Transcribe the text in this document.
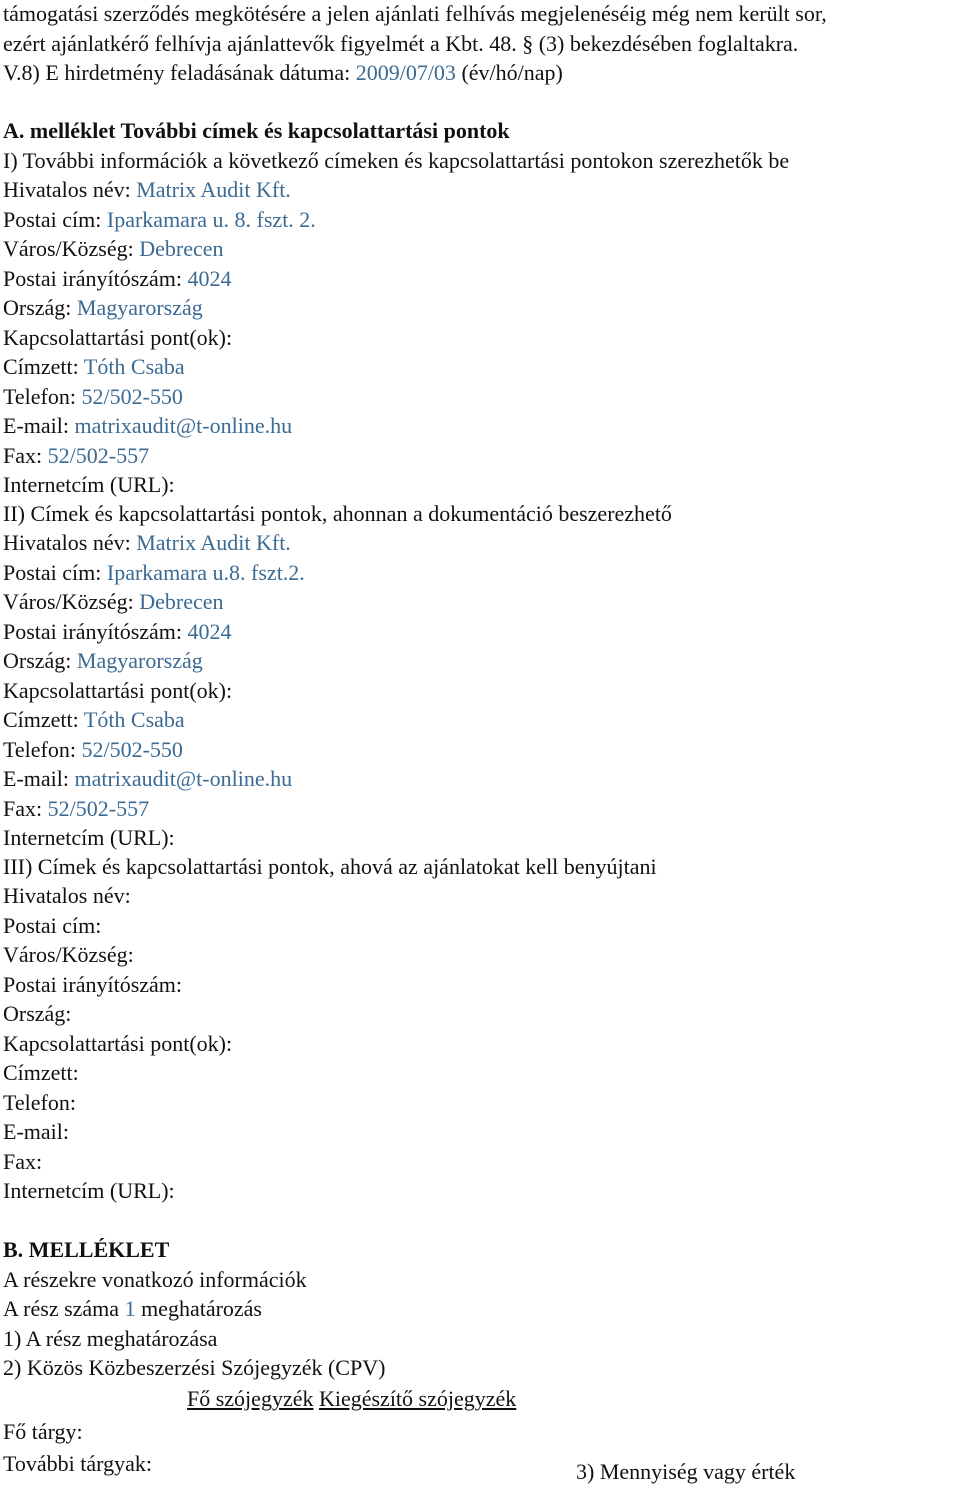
támogatási szerződés megkötésére a jelen ajánlati felhívás megjelenéséig még nem került sor,
ezért ajánlatkérő felhívja ajánlattevők figyelmét a Kbt. 48. § (3) bekezdésében foglaltakra.
V.8) E hirdetmény feladásának dátuma: 2009/07/03 (év/hó/nap)
A. melléklet További címek és kapcsolattartási pontok
I) További információk a következő címeken és kapcsolattartási pontokon szerezhetők be
Hivatalos név: Matrix Audit Kft.
Postai cím: Iparkamara u. 8. fszt. 2.
Város/Község: Debrecen
Postai irányítószám: 4024
Ország: Magyarország
Kapcsolattartási pont(ok):
Címzett: Tóth Csaba
Telefon: 52/502-550
E-mail: matrixaudit@t-online.hu
Fax: 52/502-557
Internetcím (URL):
II) Címek és kapcsolattartási pontok, ahonnan a dokumentáció beszerezhető
Hivatalos név: Matrix Audit Kft.
Postai cím: Iparkamara u.8. fszt.2.
Város/Község: Debrecen
Postai irányítószám: 4024
Ország: Magyarország
Kapcsolattartási pont(ok):
Címzett: Tóth Csaba
Telefon: 52/502-550
E-mail: matrixaudit@t-online.hu
Fax: 52/502-557
Internetcím (URL):
III) Címek és kapcsolattartási pontok, ahová az ajánlatokat kell benyújtani
Hivatalos név:
Postai cím:
Város/Község:
Postai irányítószám:
Ország:
Kapcsolattartási pont(ok):
Címzett:
Telefon:
E-mail:
Fax:
Internetcím (URL):
B. MELLÉKLET
A részekre vonatkozó információk
A rész száma 1 meghatározás
1) A rész meghatározása
2) Közös Közbeszerzési Szójegyzék (CPV)
Fő szójegyzék Kiegészítő szójegyzék
Fő tárgy:
További tárgyak:	3) Mennyiség vagy érték
